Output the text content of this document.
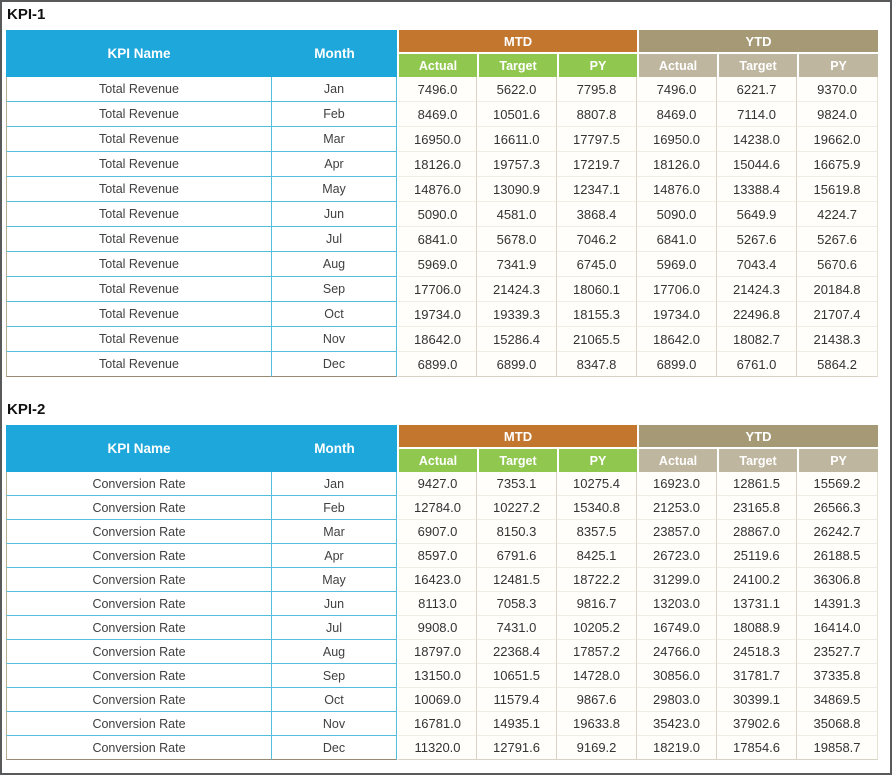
KPI-1
KPI Name	Month	MTD			YTD		
		Actual	Target	PY	Actual	Target	PY
Total Revenue	Jan	7496.0	5622.0	7795.8	7496.0	6221.7	9370.0
Total Revenue	Feb	8469.0	10501.6	8807.8	8469.0	7114.0	9824.0
Total Revenue	Mar	16950.0	16611.0	17797.5	16950.0	14238.0	19662.0
Total Revenue	Apr	18126.0	19757.3	17219.7	18126.0	15044.6	16675.9
Total Revenue	May	14876.0	13090.9	12347.1	14876.0	13388.4	15619.8
Total Revenue	Jun	5090.0	4581.0	3868.4	5090.0	5649.9	4224.7
Total Revenue	Jul	6841.0	5678.0	7046.2	6841.0	5267.6	5267.6
Total Revenue	Aug	5969.0	7341.9	6745.0	5969.0	7043.4	5670.6
Total Revenue	Sep	17706.0	21424.3	18060.1	17706.0	21424.3	20184.8
Total Revenue	Oct	19734.0	19339.3	18155.3	19734.0	22496.8	21707.4
Total Revenue	Nov	18642.0	15286.4	21065.5	18642.0	18082.7	21438.3
Total Revenue	Dec	6899.0	6899.0	8347.8	6899.0	6761.0	5864.2
KPI-2
KPI Name	Month	MTD			YTD		
		Actual	Target	PY	Actual	Target	PY
Conversion Rate	Jan	9427.0	7353.1	10275.4	16923.0	12861.5	15569.2
Conversion Rate	Feb	12784.0	10227.2	15340.8	21253.0	23165.8	26566.3
Conversion Rate	Mar	6907.0	8150.3	8357.5	23857.0	28867.0	26242.7
Conversion Rate	Apr	8597.0	6791.6	8425.1	26723.0	25119.6	26188.5
Conversion Rate	May	16423.0	12481.5	18722.2	31299.0	24100.2	36306.8
Conversion Rate	Jun	8113.0	7058.3	9816.7	13203.0	13731.1	14391.3
Conversion Rate	Jul	9908.0	7431.0	10205.2	16749.0	18088.9	16414.0
Conversion Rate	Aug	18797.0	22368.4	17857.2	24766.0	24518.3	23527.7
Conversion Rate	Sep	13150.0	10651.5	14728.0	30856.0	31781.7	37335.8
Conversion Rate	Oct	10069.0	11579.4	9867.6	29803.0	30399.1	34869.5
Conversion Rate	Nov	16781.0	14935.1	19633.8	35423.0	37902.6	35068.8
Conversion Rate	Dec	11320.0	12791.6	9169.2	18219.0	17854.6	19858.7
